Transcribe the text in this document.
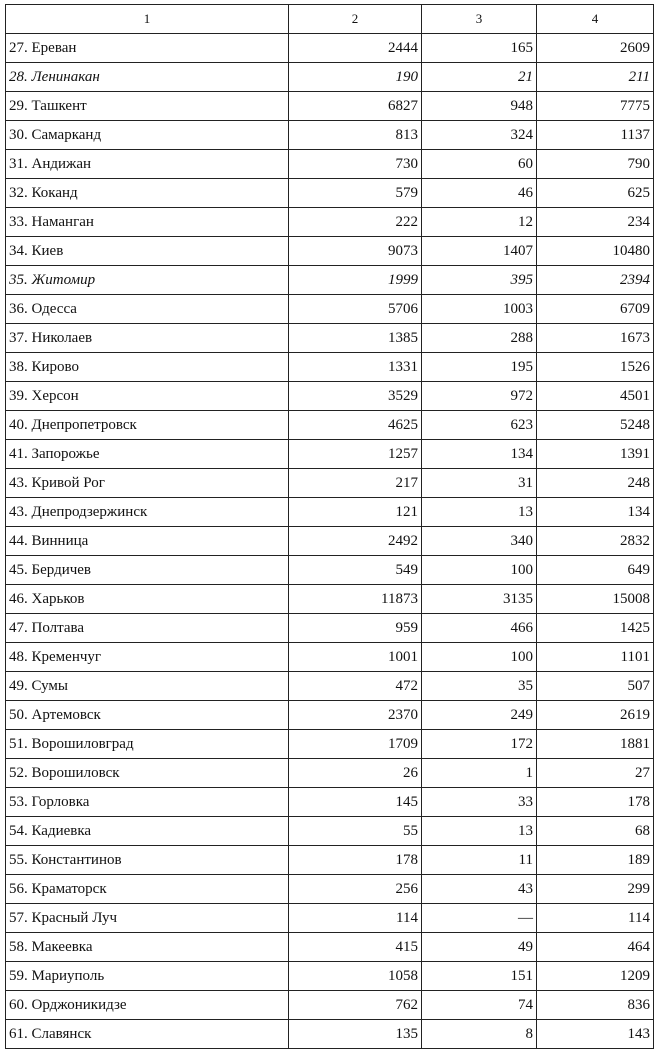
1	2	3	4
27. Ереван	2444	165	2609
28. Ленинакан	190	21	211
29. Ташкент	6827	948	7775
30. Самарканд	813	324	1137
31. Андижан	730	60	790
32. Коканд	579	46	625
33. Наманган	222	12	234
34. Киев	9073	1407	10480
35. Житомир	1999	395	2394
36. Одесса	5706	1003	6709
37. Николаев	1385	288	1673
38. Кирово	1331	195	1526
39. Херсон	3529	972	4501
40. Днепропетровск	4625	623	5248
41. Запорожье	1257	134	1391
43. Кривой Рог	217	31	248
43. Днепродзержинск	121	13	134
44. Винница	2492	340	2832
45. Бердичев	549	100	649
46. Харьков	11873	3135	15008
47. Полтава	959	466	1425
48. Кременчуг	1001	100	1101
49. Сумы	472	35	507
50. Артемовск	2370	249	2619
51. Ворошиловград	1709	172	1881
52. Ворошиловск	26	1	27
53. Горловка	145	33	178
54. Кадиевка	55	13	68
55. Константинов	178	11	189
56. Краматорск	256	43	299
57. Красный Луч	114	—	114
58. Макеевка	415	49	464
59. Мариуполь	1058	151	1209
60. Орджоникидзе	762	74	836
61. Славянск	135	8	143
